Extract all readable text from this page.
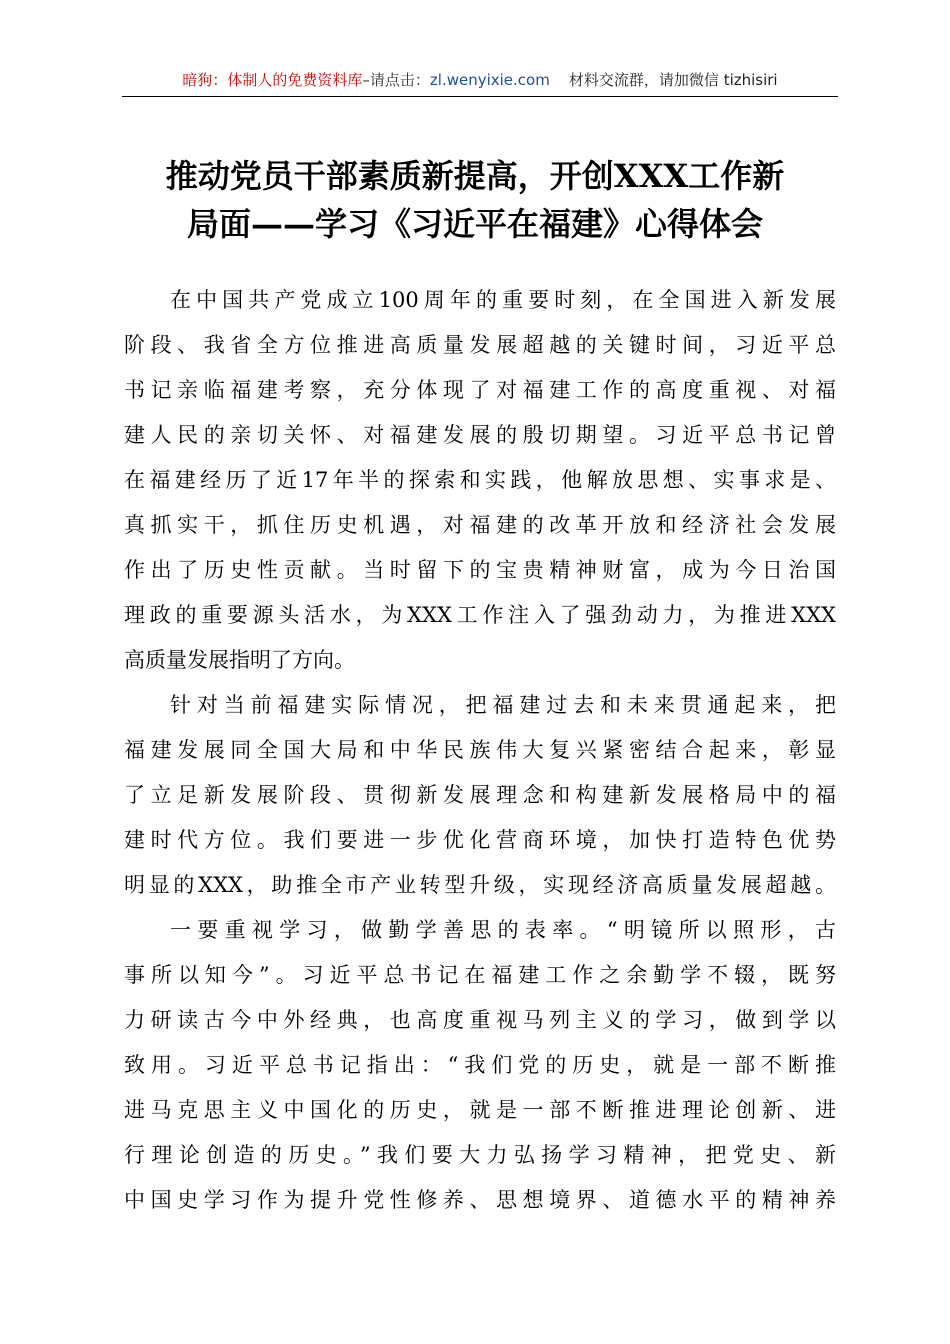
暗狗：体制人的免费资料库–请点击：zl.wenyixie.com 材料交流群，请加微信 tizhisiri
推动党员干部素质新提高，开创XXX工作新
局面——学习《习近平在福建》心得体会
在中国共产党成立100周年的重要时刻，在全国进入新发展
阶段、我省全方位推进高质量发展超越的关键时间，习近平总
书记亲临福建考察，充分体现了对福建工作的高度重视、对福
建人民的亲切关怀、对福建发展的殷切期望。习近平总书记曾
在福建经历了近17年半的探索和实践，他解放思想、实事求是、
真抓实干，抓住历史机遇，对福建的改革开放和经济社会发展
作出了历史性贡献。当时留下的宝贵精神财富，成为今日治国
理政的重要源头活水，为XXX工作注入了强劲动力，为推进XXX
高质量发展指明了方向。
针对当前福建实际情况，把福建过去和未来贯通起来，把
福建发展同全国大局和中华民族伟大复兴紧密结合起来，彰显
了立足新发展阶段、贯彻新发展理念和构建新发展格局中的福
建时代方位。我们要进一步优化营商环境，加快打造特色优势
明显的XXX，助推全市产业转型升级，实现经济高质量发展超越。
一要重视学习，做勤学善思的表率。“明镜所以照形，古
事所以知今”。习近平总书记在福建工作之余勤学不辍，既努
力研读古今中外经典，也高度重视马列主义的学习，做到学以
致用。习近平总书记指出：“我们党的历史，就是一部不断推
进马克思主义中国化的历史，就是一部不断推进理论创新、进
行理论创造的历史。”我们要大力弘扬学习精神，把党史、新
中国史学习作为提升党性修养、思想境界、道德水平的精神养
